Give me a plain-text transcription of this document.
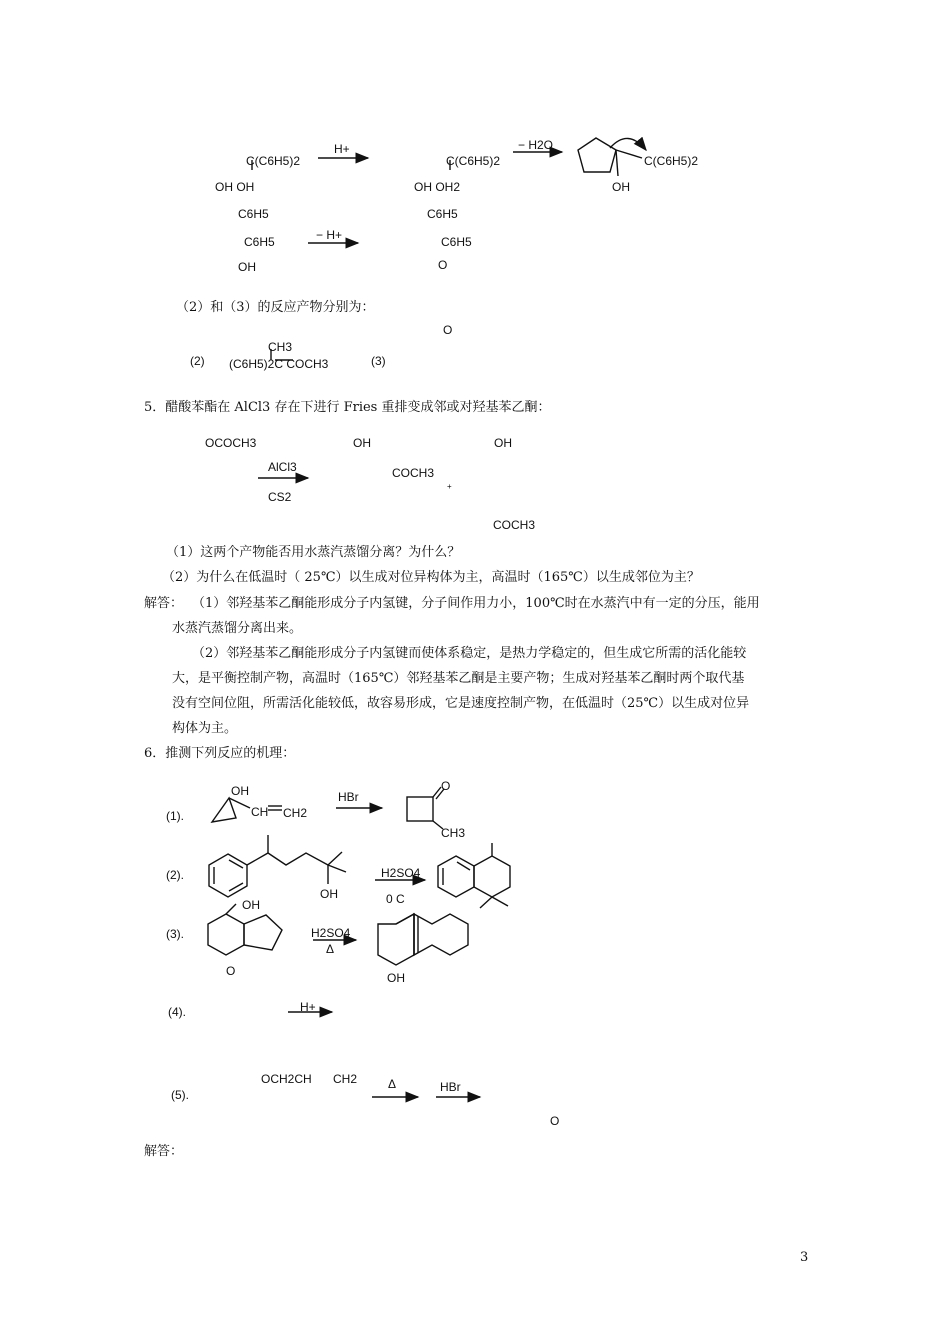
C(C6H5)2
OH OH
C6H5
C6H5
OH
H+
C(C6H5)2
OH OH2
C6H5
C6H5
O
− H2O
C(C6H5)2
OH
− H+
（2）和（3）的反应产物分别为：
O
(2)
CH3
(C6H5)2C COCH3	(3)
5．醋酸苯酯在 AlCl3 存在下进行 Fries 重排变成邻或对羟基苯乙酮：
OCOCH3	OH	OH
AlCl3	COCH3
+
CS2
COCH3
（1）这两个产物能否用水蒸汽蒸馏分离？为什么？
（2）为什么在低温时（ 25℃）以生成对位异构体为主，高温时（165℃）以生成邻位为主？
解答： （1）邻羟基苯乙酮能形成分子内氢键，分子间作用力小，100℃时在水蒸汽中有一定的分压，能用
水蒸汽蒸馏分离出来。
（2）邻羟基苯乙酮能形成分子内氢键而使体系稳定，是热力学稳定的，但生成它所需的活化能较
大，是平衡控制产物，高温时（165℃）邻羟基苯乙酮是主要产物；生成对羟基苯乙酮时两个取代基
没有空间位阻，所需活化能较低，故容易形成，它是速度控制产物，在低温时（25℃）以生成对位异
构体为主。
6．推测下列反应的机理：
(1).
OH
CH CH2
HBr
O
CH3
(2).
OH
H2SO4
0 C
(3).
OH
O
H2SO4
Δ
OH
(4).	H+
(5).
OCH2CH CH2	Δ	HBr
O
解答：
3
